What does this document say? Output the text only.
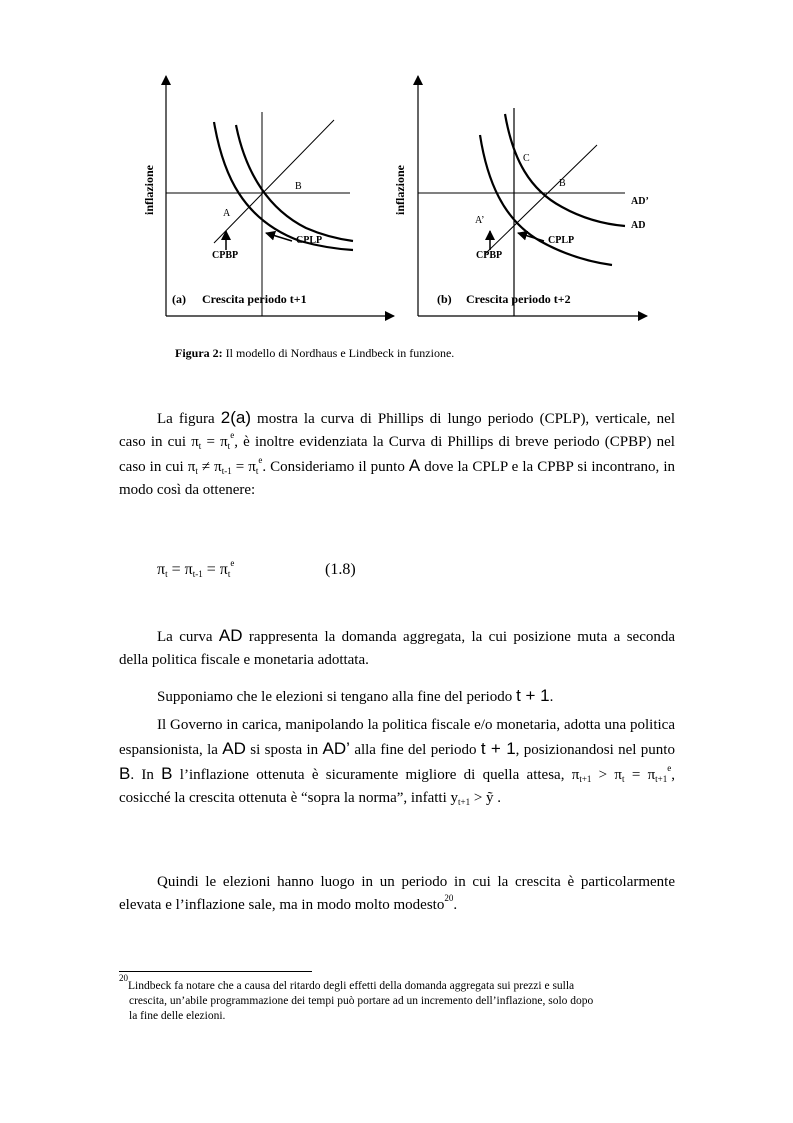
inflazione	B
A
CPLP
CPBP
(a) Crescita periodo t+1
inflazione
C
B
A’
CPLP
CPBP
AD’
AD
(b) Crescita periodo t+2
Figura 2: Il modello di Nordhaus e Lindbeck in funzione.
La figura 2(a) mostra la curva di Phillips di lungo periodo (CPLP), verticale, nel caso in cui $\pi_t = \pi_t^e$, è inoltre evidenziata la Curva di Phillips di breve periodo (CPBP) nel caso in cui $\pi_t \ne \pi_{t-1} = \pi_t^e$. Consideriamo il punto A dove la CPLP e la CPBP si incontrano, in modo così da ottenere:
$\pi_t = \pi_{t-1} = \pi_t^e$	(1.8)
La curva AD rappresenta la domanda aggregata, la cui posizione muta a seconda della politica fiscale e monetaria adottata.
Supponiamo che le elezioni si tengano alla fine del periodo t + 1.
Il Governo in carica, manipolando la politica fiscale e/o monetaria, adotta una politica espansionista, la AD si sposta in AD’ alla fine del periodo t + 1, posizionandosi nel punto B. In B l’inflazione ottenuta è sicuramente migliore di quella attesa, $\pi_{t+1} > \pi_t = \pi_{t+1}^e$, cosicché la crescita ottenuta è “sopra la norma”, infatti $y_{t+1}$ > ỹ .
Quindi le elezioni hanno luogo in un periodo in cui la crescita è particolarmente elevata e l’inflazione sale, ma in modo molto modesto$^{20}$.
$^{20}$Lindbeck fa notare che a causa del ritardo degli effetti della domanda aggregata sui prezzi e sulla
crescita, un’abile programmazione dei tempi può portare ad un incremento dell’inflazione, solo dopo
la fine delle elezioni.
